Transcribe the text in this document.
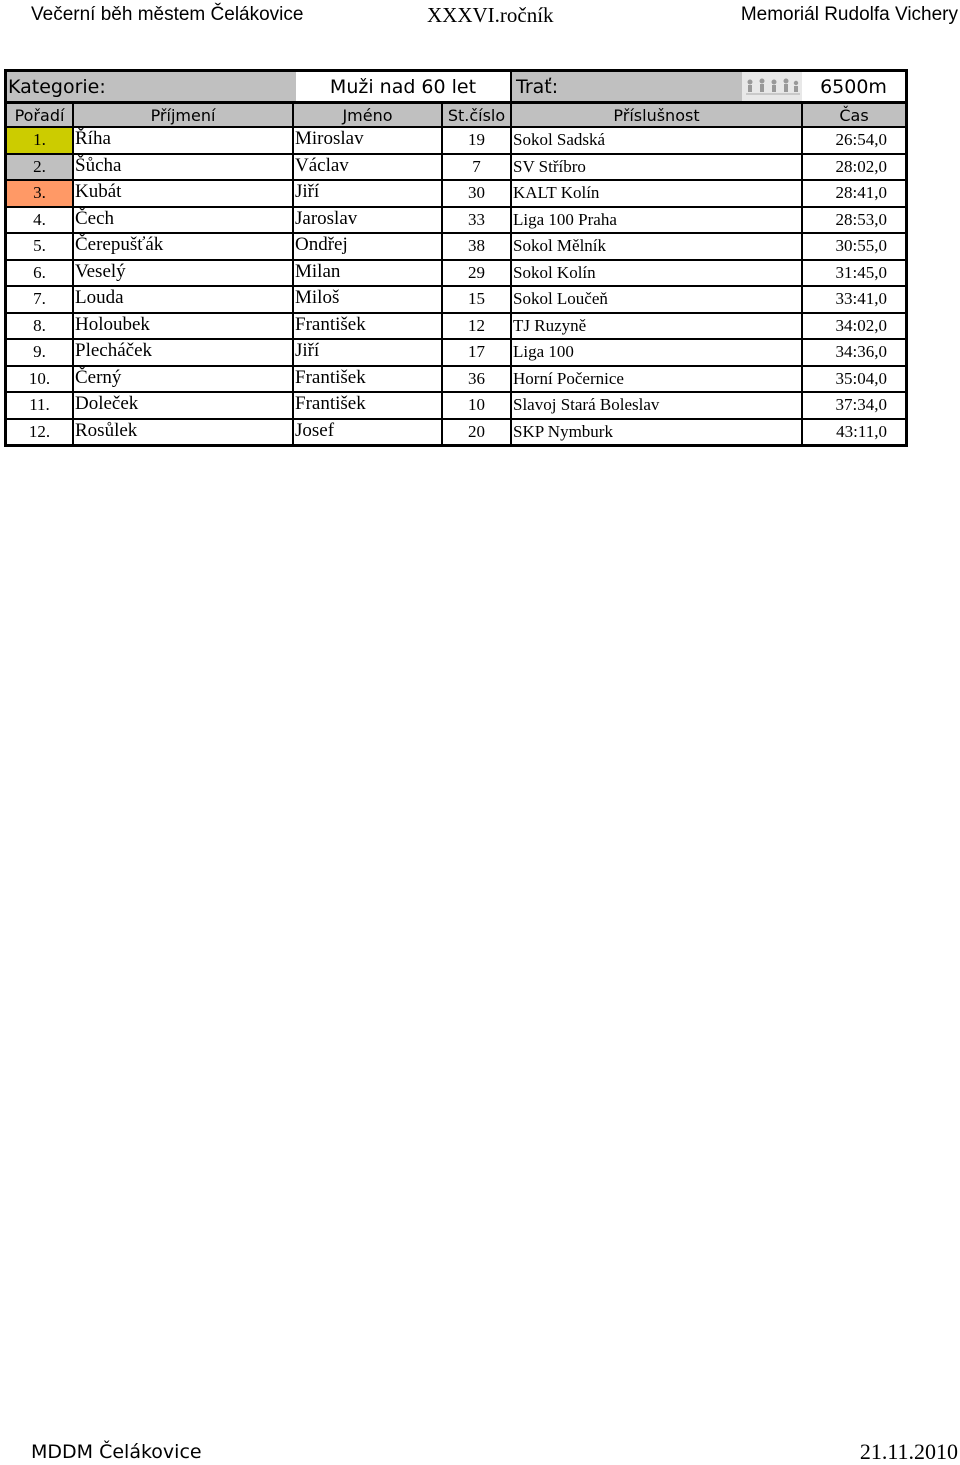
Večerní běh městem Čelákovice	XXXVI.ročník	Memoriál Rudolfa Vichery
Kategorie:	Muži nad 60 let	Trať:	6500m
Pořadí	Příjmení	Jméno	St.číslo	Příslušnost	Čas
1.	Říha	Miroslav	19	Sokol Sadská	26:54,0
2.	Šůcha	Václav	7	SV Stříbro	28:02,0
3.	Kubát	Jiří	30	KALT Kolín	28:41,0
4.	Čech	Jaroslav	33	Liga 100 Praha	28:53,0
5.	Čerepušťák	Ondřej	38	Sokol Mělník	30:55,0
6.	Veselý	Milan	29	Sokol Kolín	31:45,0
7.	Louda	Miloš	15	Sokol Loučeň	33:41,0
8.	Holoubek	František	12	TJ Ruzyně	34:02,0
9.	Plecháček	Jiří	17	Liga 100	34:36,0
10.	Černý	František	36	Horní Počernice	35:04,0
11.	Doleček	František	10	Slavoj Stará Boleslav	37:34,0
12.	Rosůlek	Josef	20	SKP Nymburk	43:11,0
MDDM Čelákovice	21.11.2010
